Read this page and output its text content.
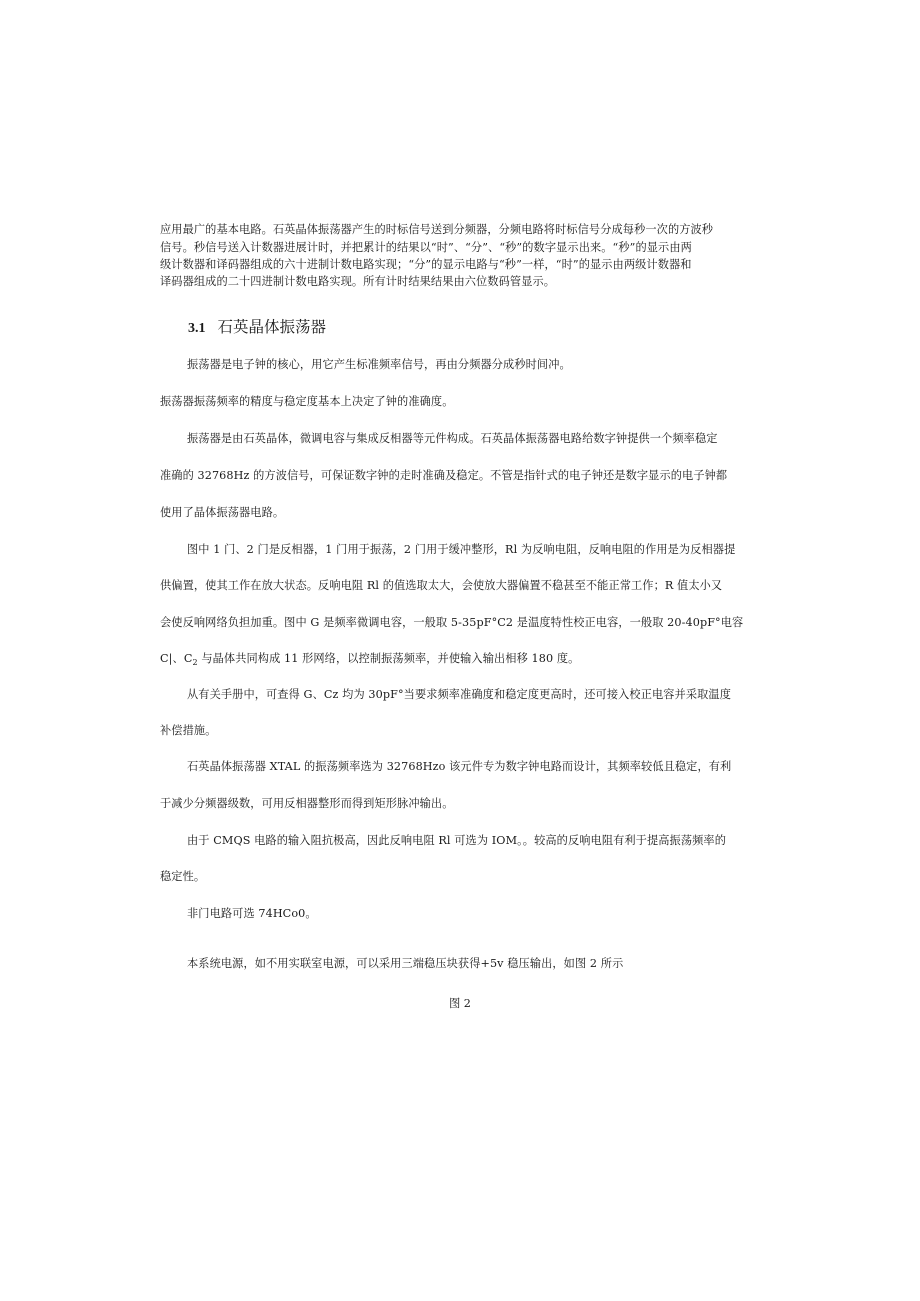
应用最广的基本电路。石英晶体振荡器产生的时标信号送到分频器，分频电路将时标信号分成每秒一次的方波秒
信号。秒信号送入计数器进展计时，并把累计的结果以“时”、“分”、“秒”的数字显示出来。“秒”的显示由两
级计数器和译码器组成的六十进制计数电路实现；“分”的显示电路与“秒”一样，“时”的显示由两级计数器和
译码器组成的二十四进制计数电路实现。所有计时结果结果由六位数码管显示。
3.1 石英晶体振荡器
振荡器是电子钟的核心，用它产生标准频率信号，再由分频器分成秒时间冲。
振荡器振荡频率的精度与稳定度基本上决定了钟的准确度。
振荡器是由石英晶体，微调电容与集成反相器等元件构成。石英晶体振荡器电路给数字钟提供一个频率稳定
准确的 32768Hz 的方波信号，可保证数字钟的走时准确及稳定。不管是指针式的电子钟还是数字显示的电子钟都
使用了晶体振荡器电路。
图中 1 门、2 门是反相器，1 门用于振荡，2 门用于缓冲整形，Rl 为反响电阻，反响电阻的作用是为反相器提
供偏置，使其工作在放大状态。反响电阻 Rl 的值选取太大，会使放大器偏置不稳甚至不能正常工作；R 值太小又
会使反响网络负担加重。图中 G 是频率微调电容，一般取 5-35pF°C2 是温度特性校正电容，一般取 20-40pF°电容
C|、$C_2$ 与晶体共同构成 11 形网络，以控制振荡频率，并使输入输出相移 180 度。
从有关手册中，可查得 G、Cz 均为 30pF°当要求频率准确度和稳定度更高时，还可接入校正电容并采取温度
补偿措施。
石英晶体振荡器 XTAL 的振荡频率选为 32768Hzo 该元件专为数字钟电路而设计，其频率较低且稳定，有利
于减少分频器级数，可用反相器整形而得到矩形脉冲输出。
由于 CMQS 电路的输入阻抗极高，因此反响电阻 Rl 可选为 IOM。。较高的反响电阻有利于提高振荡频率的
稳定性。
非门电路可选 74HCo0。
本系统电源，如不用实联室电源，可以采用三端稳压块获得+5v 稳压输出，如图 2 所示
图 2
